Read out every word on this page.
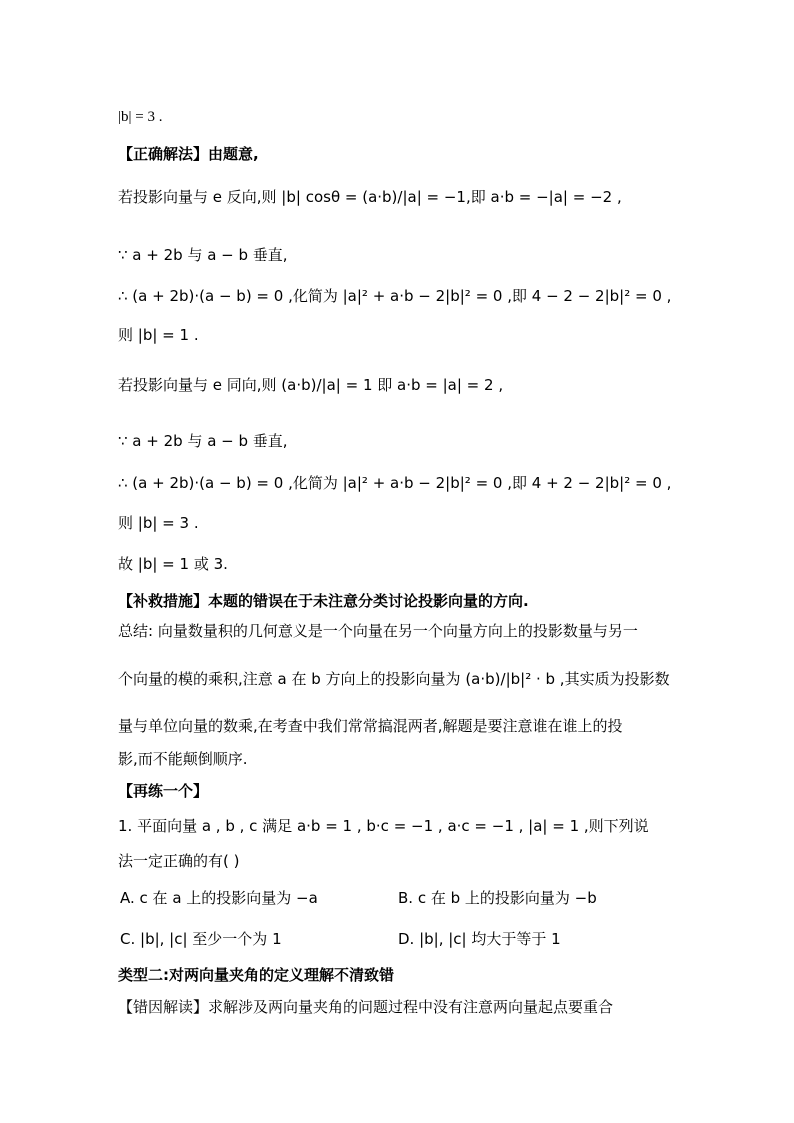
|b| = 3 .
【正确解法】由题意,
若投影向量与 e 反向,则 |b| cosθ = (a·b)/|a| = −1,即 a·b = −|a| = −2 ,
∵ a + 2b 与 a − b 垂直,
∴ (a + 2b)·(a − b) = 0 ,化简为 |a|² + a·b − 2|b|² = 0 ,即 4 − 2 − 2|b|² = 0 ,
则 |b| = 1 .
若投影向量与 e 同向,则 (a·b)/|a| = 1 即 a·b = |a| = 2 ,
∵ a + 2b 与 a − b 垂直,
∴ (a + 2b)·(a − b) = 0 ,化简为 |a|² + a·b − 2|b|² = 0 ,即 4 + 2 − 2|b|² = 0 ,
则 |b| = 3 .
故 |b| = 1 或 3.
【补救措施】本题的错误在于未注意分类讨论投影向量的方向.
总结: 向量数量积的几何意义是一个向量在另一个向量方向上的投影数量与另一
个向量的模的乘积,注意 a 在 b 方向上的投影向量为 (a·b)/|b|² · b ,其实质为投影数
量与单位向量的数乘,在考查中我们常常搞混两者,解题是要注意谁在谁上的投
影,而不能颠倒顺序.
【再练一个】
1. 平面向量 a , b , c 满足 a·b = 1 , b·c = −1 , a·c = −1 , |a| = 1 ,则下列说
法一定正确的有( )
A. c 在 a 上的投影向量为 −a	B. c 在 b 上的投影向量为 −b
C. |b|, |c| 至少一个为 1	D. |b|, |c| 均大于等于 1
类型二:对两向量夹角的定义理解不清致错
【错因解读】求解涉及两向量夹角的问题过程中没有注意两向量起点要重合
